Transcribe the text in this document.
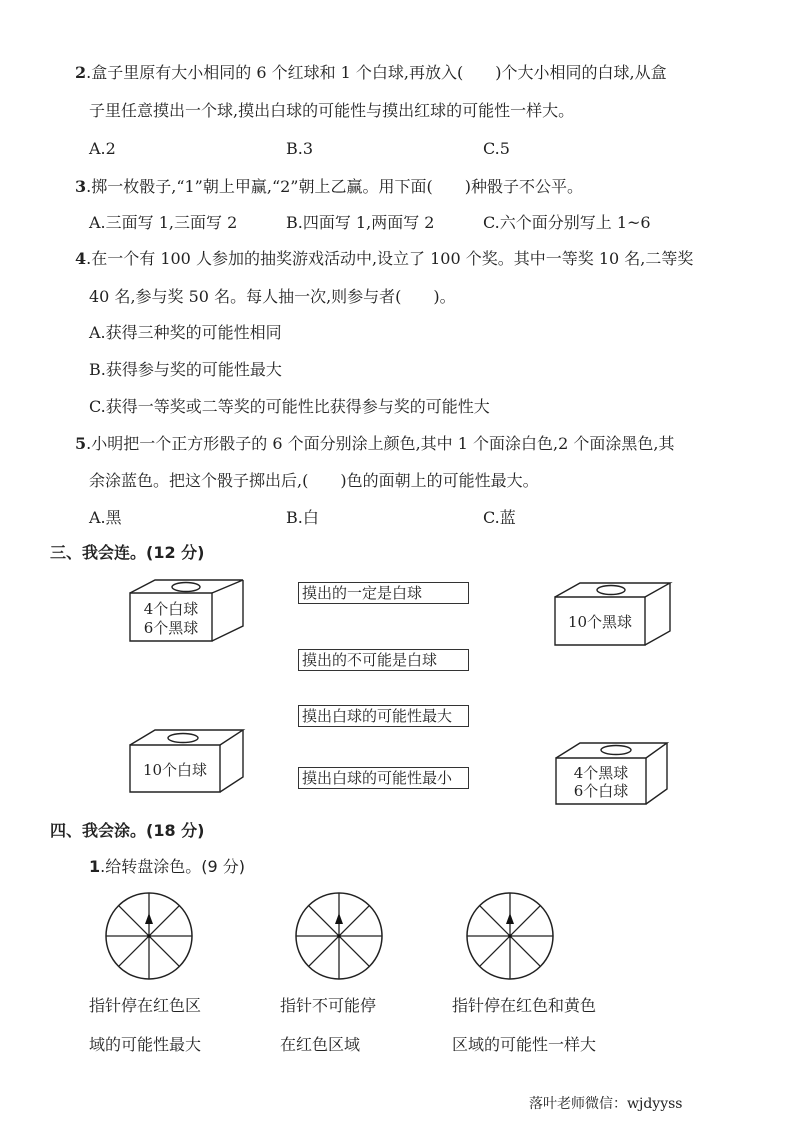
2.盒子里原有大小相同的 6 个红球和 1 个白球,再放入(　　)个大小相同的白球,从盒
子里任意摸出一个球,摸出白球的可能性与摸出红球的可能性一样大。
A.2	B.3	C.5
3.掷一枚骰子,“1”朝上甲赢,“2”朝上乙赢。用下面(　　)种骰子不公平。
A.三面写 1,三面写 2	B.四面写 1,两面写 2	C.六个面分别写上 1~6
4.在一个有 100 人参加的抽奖游戏活动中,设立了 100 个奖。其中一等奖 10 名,二等奖
40 名,参与奖 50 名。每人抽一次,则参与者(　　)。
A.获得三种奖的可能性相同
B.获得参与奖的可能性最大
C.获得一等奖或二等奖的可能性比获得参与奖的可能性大
5.小明把一个正方形骰子的 6 个面分别涂上颜色,其中 1 个面涂白色,2 个面涂黑色,其
余涂蓝色。把这个骰子掷出后,(　　)色的面朝上的可能性最大。
A.黑	B.白	C.蓝
三、我会连。(12 分)
4个白球
6个黑球	10个黑球
10个白球	4个黑球
6个白球
摸出的一定是白球
摸出的不可能是白球
摸出白球的可能性最大
摸出白球的可能性最小
四、我会涂。(18 分)
1.给转盘涂色。(9 分)
指针停在红色区
域的可能性最大
指针不可能停
在红色区域
指针停在红色和黄色
区域的可能性一样大
落叶老师微信：wjdyyss
